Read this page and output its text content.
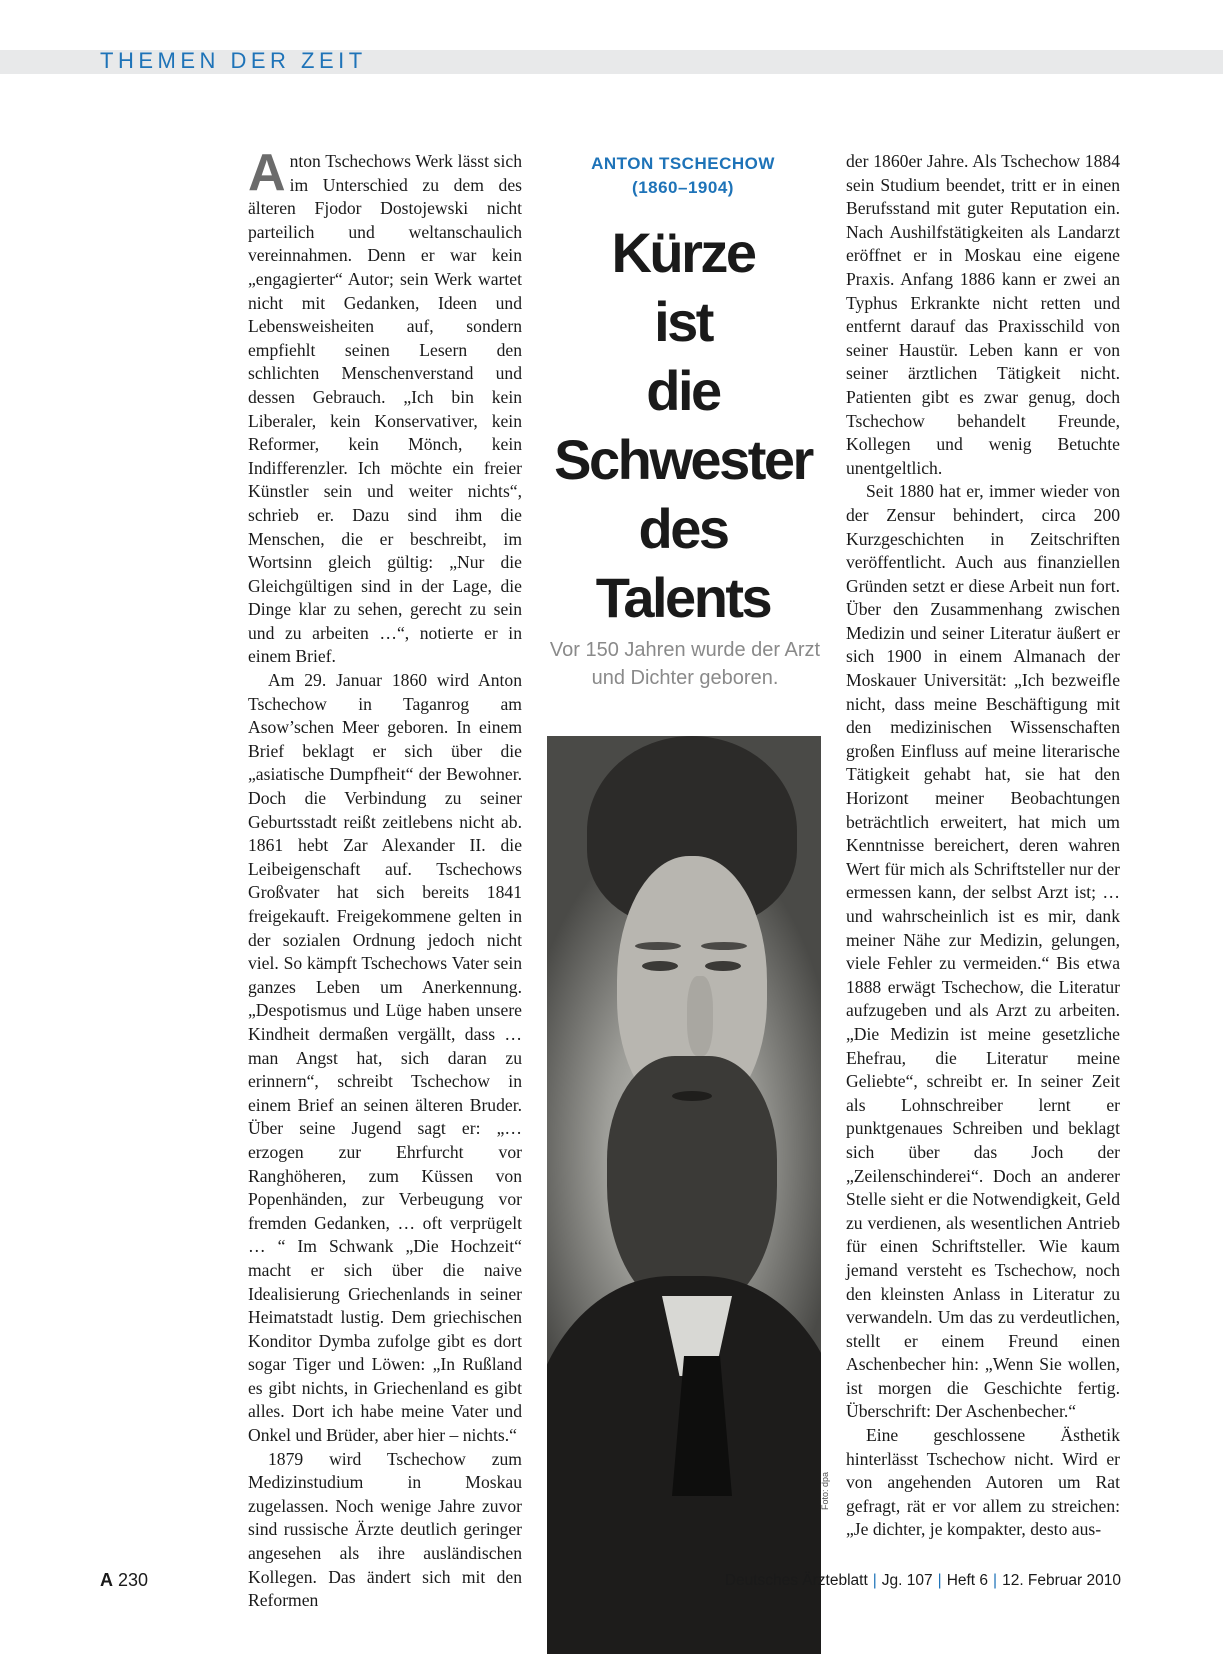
THEMEN DER ZEIT

Anton Tschechows Werk lässt sich im Unterschied zu dem des älteren Fjodor Dostojewski nicht parteilich und weltanschaulich vereinnahmen. Denn er war kein „engagierter“ Autor; sein Werk wartet nicht mit Gedanken, Ideen und Lebensweisheiten auf, sondern empfiehlt seinen Lesern den schlichten Menschenverstand und dessen Gebrauch. „Ich bin kein Liberaler, kein Konservativer, kein Reformer, kein Mönch, kein Indifferenzler. Ich möchte ein freier Künstler sein und weiter nichts“, schrieb er. Dazu sind ihm die Menschen, die er beschreibt, im Wortsinn gleich gültig: „Nur die Gleichgültigen sind in der Lage, die Dinge klar zu sehen, gerecht zu sein und zu arbeiten …“, notierte er in einem Brief.

Am 29. Januar 1860 wird Anton Tschechow in Taganrog am Asow’schen Meer geboren. In einem Brief beklagt er sich über die „asiatische Dumpfheit“ der Bewohner. Doch die Verbindung zu seiner Geburtsstadt reißt zeitlebens nicht ab. 1861 hebt Zar Alexander II. die Leibeigenschaft auf. Tschechows Großvater hat sich bereits 1841 freigekauft. Freigekommene gelten in der sozialen Ordnung jedoch nicht viel. So kämpft Tschechows Vater sein ganzes Leben um Anerkennung. „Despotismus und Lüge haben unsere Kindheit dermaßen vergällt, dass … man Angst hat, sich daran zu erinnern“, schreibt Tschechow in einem Brief an seinen älteren Bruder. Über seine Jugend sagt er: „… erzogen zur Ehrfurcht vor Ranghöheren, zum Küssen von Popenhänden, zur Verbeugung vor fremden Gedanken, … oft verprügelt … “ Im Schwank „Die Hochzeit“ macht er sich über die naive Idealisierung Griechenlands in seiner Heimatstadt lustig. Dem griechischen Konditor Dymba zufolge gibt es dort sogar Tiger und Löwen: „In Rußland es gibt nichts, in Griechenland es gibt alles. Dort ich habe meine Vater und Onkel und Brüder, aber hier – nichts.“

1879 wird Tschechow zum Medizinstudium in Moskau zugelassen. Noch wenige Jahre zuvor sind russische Ärzte deutlich geringer angesehen als ihre ausländischen Kollegen. Das ändert sich mit den Reformen

ANTON TSCHECHOW
(1860–1904)
Kürze
ist
die
Schwester
des
Talents
Vor 150 Jahren wurde der Arzt und Dichter geboren.
Foto: dpa

der 1860er Jahre. Als Tschechow 1884 sein Studium beendet, tritt er in einen Berufsstand mit guter Reputation ein. Nach Aushilfstätigkeiten als Landarzt eröffnet er in Moskau eine eigene Praxis. Anfang 1886 kann er zwei an Typhus Erkrankte nicht retten und entfernt darauf das Praxisschild von seiner Haustür. Leben kann er von seiner ärztlichen Tätigkeit nicht. Patienten gibt es zwar genug, doch Tschechow behandelt Freunde, Kollegen und wenig Betuchte unentgeltlich.

Seit 1880 hat er, immer wieder von der Zensur behindert, circa 200 Kurzgeschichten in Zeitschriften veröffentlicht. Auch aus finanziellen Gründen setzt er diese Arbeit nun fort. Über den Zusammenhang zwischen Medizin und seiner Literatur äußert er sich 1900 in einem Almanach der Moskauer Universität: „Ich bezweifle nicht, dass meine Beschäftigung mit den medizinischen Wissenschaften großen Einfluss auf meine literarische Tätigkeit gehabt hat, sie hat den Horizont meiner Beobachtungen beträchtlich erweitert, hat mich um Kenntnisse bereichert, deren wahren Wert für mich als Schriftsteller nur der ermessen kann, der selbst Arzt ist; … und wahrscheinlich ist es mir, dank meiner Nähe zur Medizin, gelungen, viele Fehler zu vermeiden.“ Bis etwa 1888 erwägt Tschechow, die Literatur aufzugeben und als Arzt zu arbeiten. „Die Medizin ist meine gesetzliche Ehefrau, die Literatur meine Geliebte“, schreibt er. In seiner Zeit als Lohnschreiber lernt er punktgenaues Schreiben und beklagt sich über das Joch der „Zeilenschinderei“. Doch an anderer Stelle sieht er die Notwendigkeit, Geld zu verdienen, als wesentlichen Antrieb für einen Schriftsteller. Wie kaum jemand versteht es Tschechow, noch den kleinsten Anlass in Literatur zu verwandeln. Um das zu verdeutlichen, stellt er einem Freund einen Aschenbecher hin: „Wenn Sie wollen, ist morgen die Geschichte fertig. Überschrift: Der Aschenbecher.“

Eine geschlossene Ästhetik hinterlässt Tschechow nicht. Wird er von angehenden Autoren um Rat gefragt, rät er vor allem zu streichen: „Je dichter, je kompakter, desto aus-

A 230	Deutsches Ärzteblatt | Jg. 107 | Heft 6 | 12. Februar 2010
